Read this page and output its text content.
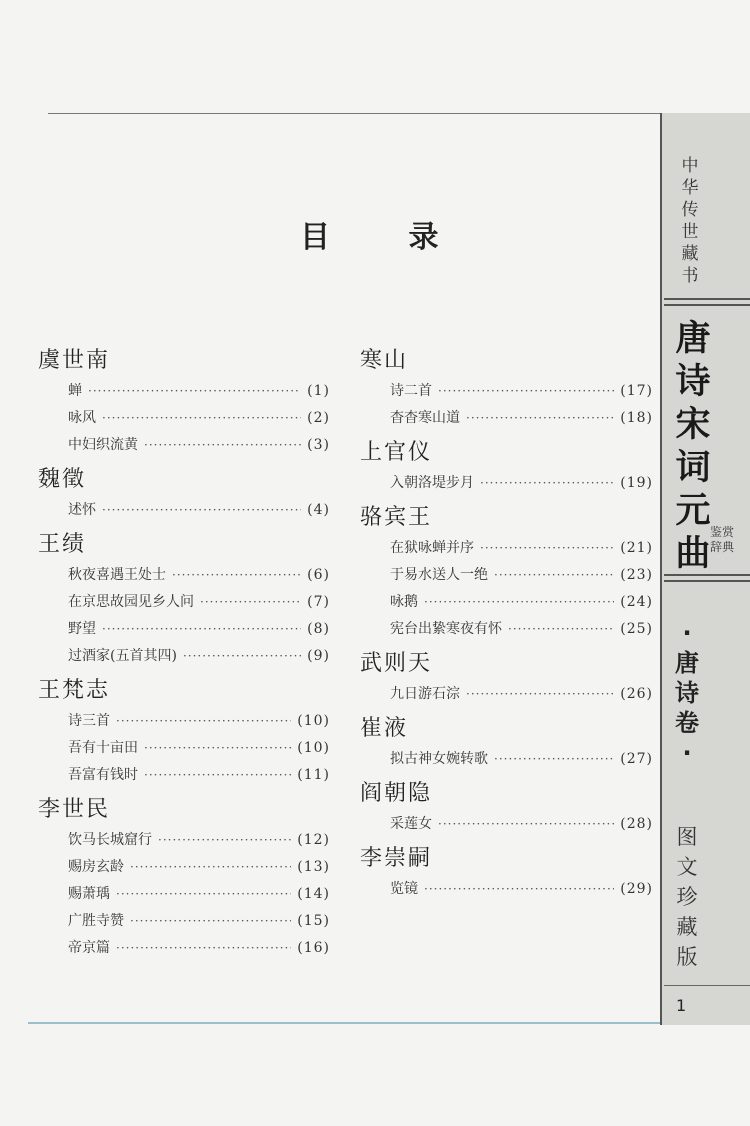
目 录
虞世南
蝉 ·····	(1)
咏风 ·····	(2)
中妇织流黄 ·····	(3)
魏徵
述怀 ·····	(4)
王绩
秋夜喜遇王处士 ·····	(6)
在京思故园见乡人问 ·····	(7)
野望 ·····	(8)
过酒家(五首其四) ·····	(9)
王梵志
诗三首 ·····	(10)
吾有十亩田 ·····	(10)
吾富有钱时 ·····	(11)
李世民
饮马长城窟行 ·····	(12)
赐房玄龄 ·····	(13)
赐萧瑀 ·····	(14)
广胜寺赞 ·····	(15)
帝京篇 ·····	(16)
寒山
诗二首 ·····	(17)
杳杳寒山道 ·····	(18)
上官仪
入朝洛堤步月 ·····	(19)
骆宾王
在狱咏蝉并序 ·····	(21)
于易水送人一绝 ·····	(23)
咏鹅 ·····	(24)
宪台出絷寒夜有怀 ·····	(25)
武则天
九日游石淙 ·····	(26)
崔液
拟古神女婉转歌 ·····	(27)
阎朝隐
采莲女 ·····	(28)
李崇嗣
览镜 ·····	(29)
中
华
传
世
藏
书
唐
诗
宋
词
元
曲
鉴赏
辞典
·
唐
诗
卷
·
图
文
珍
藏
版
1
